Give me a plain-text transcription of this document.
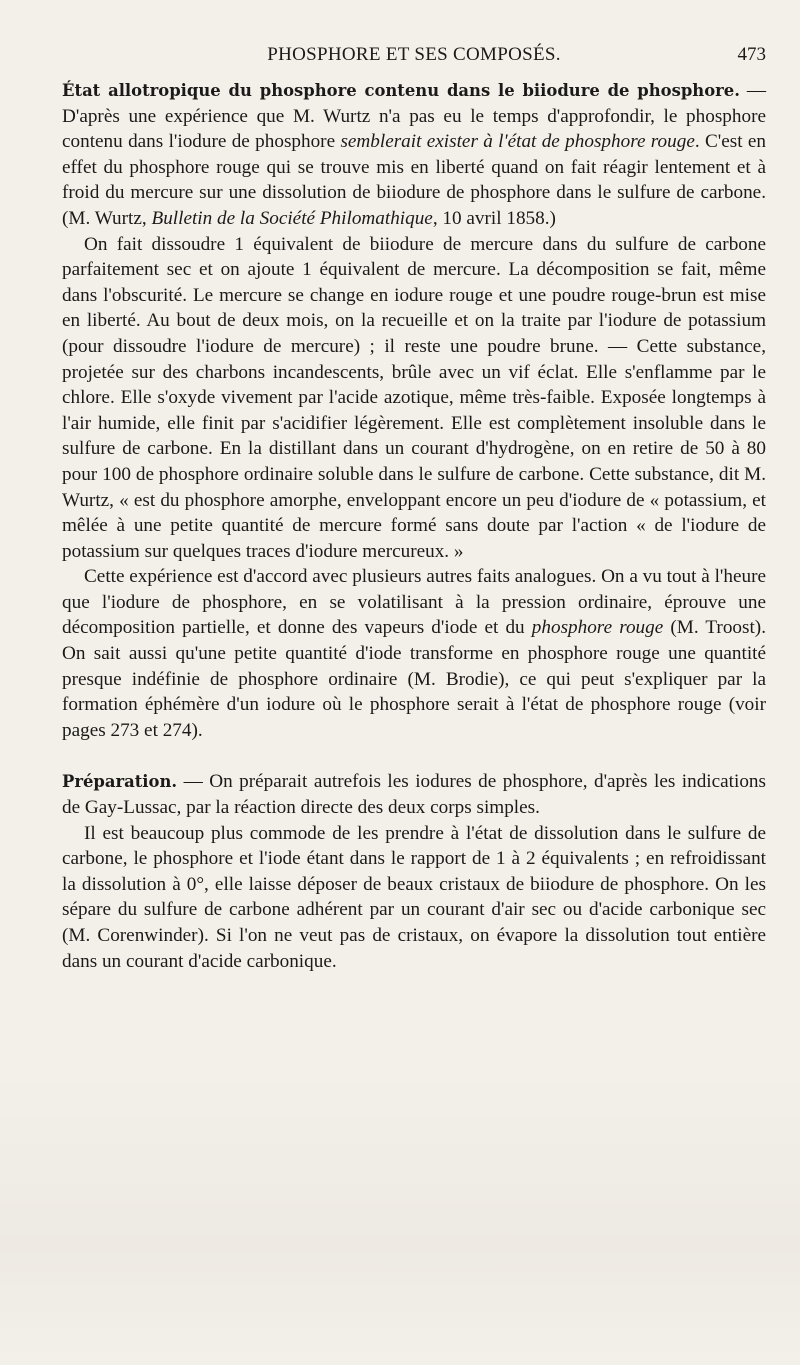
PHOSPHORE ET SES COMPOSÉS.	473

État allotropique du phosphore contenu dans le biiodure de phosphore. — D'après une expérience que M. Wurtz n'a pas eu le temps d'approfondir, le phosphore contenu dans l'iodure de phosphore semblerait exister à l'état de phosphore rouge. C'est en effet du phosphore rouge qui se trouve mis en liberté quand on fait réagir lentement et à froid du mercure sur une dissolution de biiodure de phosphore dans le sulfure de carbone. (M. Wurtz, Bulletin de la Société Philomathique, 10 avril 1858.)

On fait dissoudre 1 équivalent de biiodure de mercure dans du sulfure de carbone parfaitement sec et on ajoute 1 équivalent de mercure. La décomposition se fait, même dans l'obscurité. Le mercure se change en iodure rouge et une poudre rouge-brun est mise en liberté. Au bout de deux mois, on la recueille et on la traite par l'iodure de potassium (pour dissoudre l'iodure de mercure) ; il reste une poudre brune. — Cette substance, projetée sur des charbons incandescents, brûle avec un vif éclat. Elle s'enflamme par le chlore. Elle s'oxyde vivement par l'acide azotique, même très-faible. Exposée longtemps à l'air humide, elle finit par s'acidifier légèrement. Elle est complètement insoluble dans le sulfure de carbone. En la distillant dans un courant d'hydrogène, on en retire de 50 à 80 pour 100 de phosphore ordinaire soluble dans le sulfure de carbone. Cette substance, dit M. Wurtz, « est du phosphore amorphe, enveloppant encore un peu d'iodure de « potassium, et mêlée à une petite quantité de mercure formé sans doute par l'action « de l'iodure de potassium sur quelques traces d'iodure mercureux. »

Cette expérience est d'accord avec plusieurs autres faits analogues. On a vu tout à l'heure que l'iodure de phosphore, en se volatilisant à la pression ordinaire, éprouve une décomposition partielle, et donne des vapeurs d'iode et du phosphore rouge (M. Troost). On sait aussi qu'une petite quantité d'iode transforme en phosphore rouge une quantité presque indéfinie de phosphore ordinaire (M. Brodie), ce qui peut s'expliquer par la formation éphémère d'un iodure où le phosphore serait à l'état de phosphore rouge (voir pages 273 et 274).

Préparation. — On préparait autrefois les iodures de phosphore, d'après les indications de Gay-Lussac, par la réaction directe des deux corps simples.

Il est beaucoup plus commode de les prendre à l'état de dissolution dans le sulfure de carbone, le phosphore et l'iode étant dans le rapport de 1 à 2 équivalents ; en refroidissant la dissolution à 0°, elle laisse déposer de beaux cristaux de biiodure de phosphore. On les sépare du sulfure de carbone adhérent par un courant d'air sec ou d'acide carbonique sec (M. Corenwinder). Si l'on ne veut pas de cristaux, on évapore la dissolution tout entière dans un courant d'acide carbonique.
